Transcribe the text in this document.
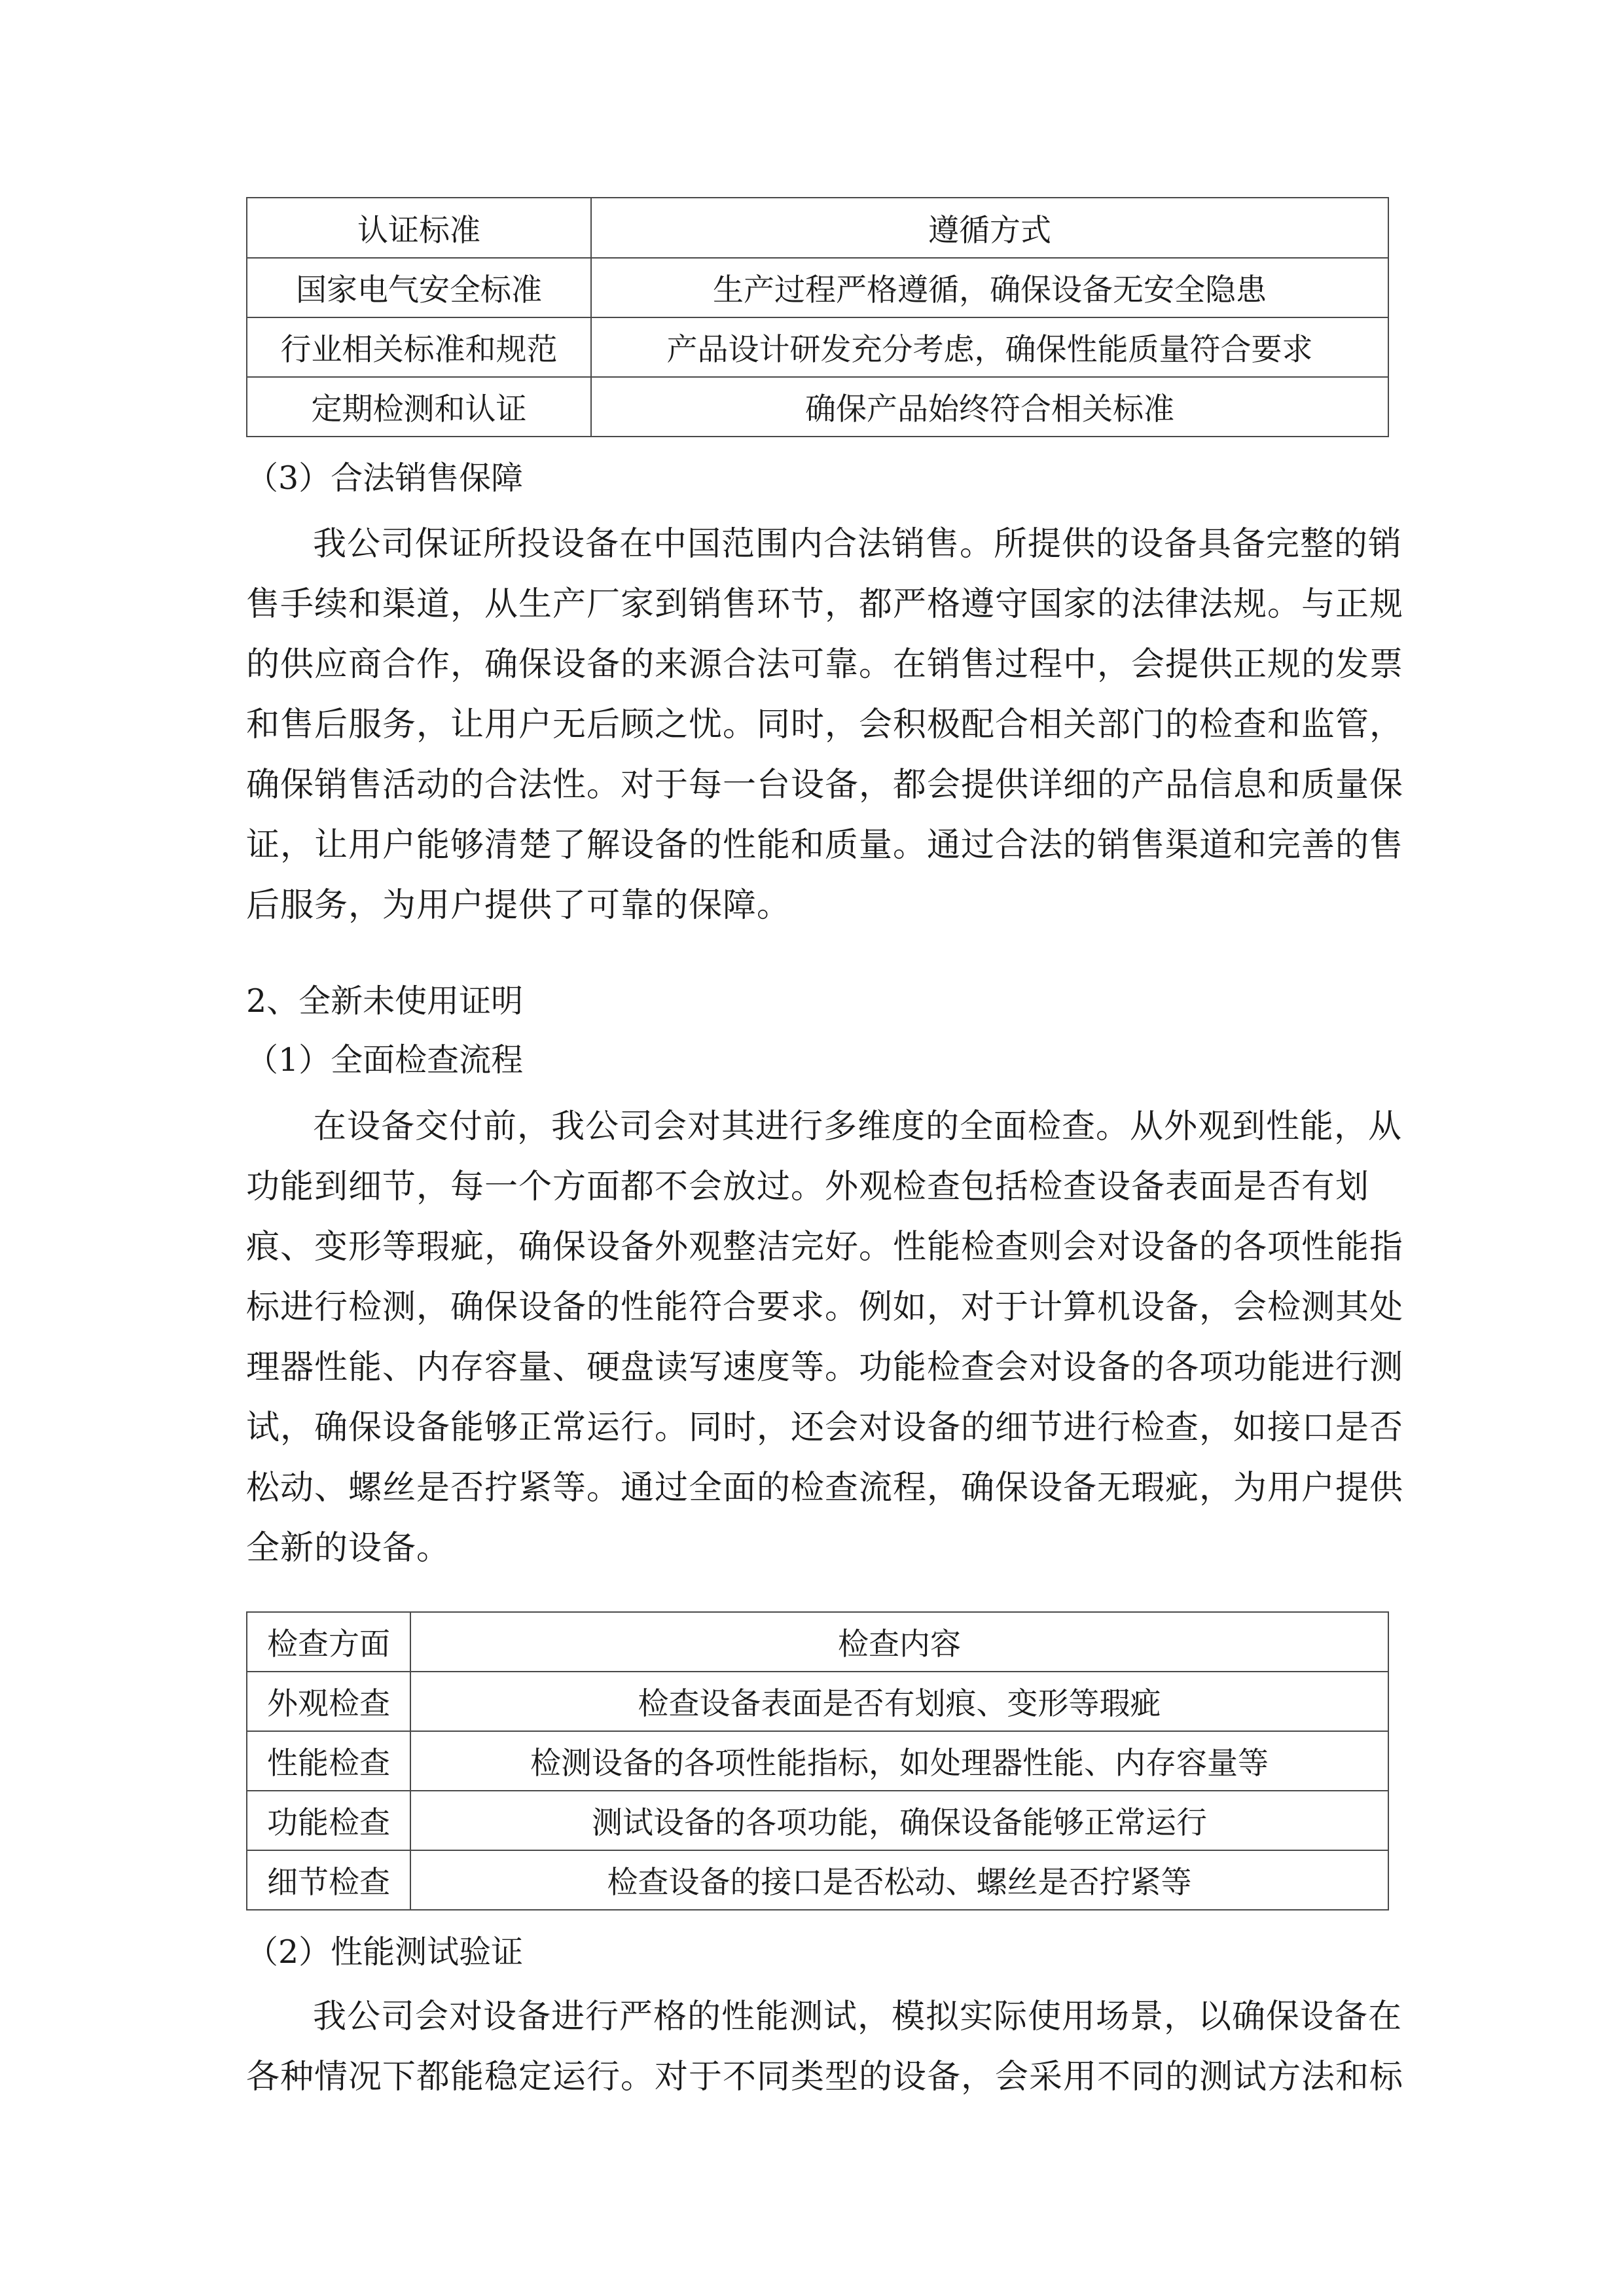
认证标准	遵循方式
国家电气安全标准	生产过程严格遵循，确保设备无安全隐患
行业相关标准和规范	产品设计研发充分考虑，确保性能质量符合要求
定期检测和认证	确保产品始终符合相关标准
（3）合法销售保障
我公司保证所投设备在中国范围内合法销售。所提供的设备具备完整的销
售手续和渠道，从生产厂家到销售环节，都严格遵守国家的法律法规。与正规
的供应商合作，确保设备的来源合法可靠。在销售过程中，会提供正规的发票
和售后服务，让用户无后顾之忧。同时，会积极配合相关部门的检查和监管，
确保销售活动的合法性。对于每一台设备，都会提供详细的产品信息和质量保
证，让用户能够清楚了解设备的性能和质量。通过合法的销售渠道和完善的售
后服务，为用户提供了可靠的保障。
2、全新未使用证明
（1）全面检查流程
在设备交付前，我公司会对其进行多维度的全面检查。从外观到性能，从
功能到细节，每一个方面都不会放过。外观检查包括检查设备表面是否有划
痕、变形等瑕疵，确保设备外观整洁完好。性能检查则会对设备的各项性能指
标进行检测，确保设备的性能符合要求。例如，对于计算机设备，会检测其处
理器性能、内存容量、硬盘读写速度等。功能检查会对设备的各项功能进行测
试，确保设备能够正常运行。同时，还会对设备的细节进行检查，如接口是否
松动、螺丝是否拧紧等。通过全面的检查流程，确保设备无瑕疵，为用户提供
全新的设备。
检查方面	检查内容
外观检查	检查设备表面是否有划痕、变形等瑕疵
性能检查	检测设备的各项性能指标，如处理器性能、内存容量等
功能检查	测试设备的各项功能，确保设备能够正常运行
细节检查	检查设备的接口是否松动、螺丝是否拧紧等
（2）性能测试验证
我公司会对设备进行严格的性能测试，模拟实际使用场景，以确保设备在
各种情况下都能稳定运行。对于不同类型的设备，会采用不同的测试方法和标
